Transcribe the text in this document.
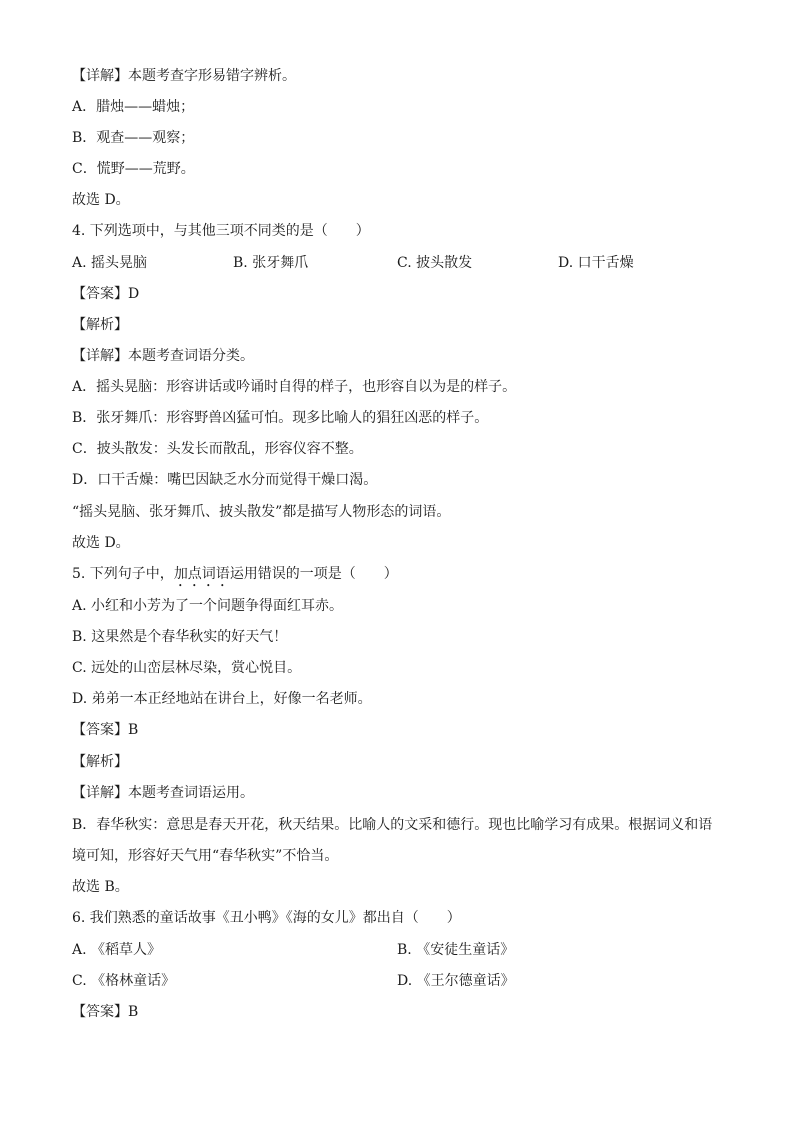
【详解】本题考查字形易错字辨析。
A．腊烛——蜡烛；
B．观查——观察；
C．慌野——荒野。
故选 D。
4. 下列选项中，与其他三项不同类的是（　　）
A. 摇头晃脑	B. 张牙舞爪	C. 披头散发	D. 口干舌燥
【答案】D
【解析】
【详解】本题考查词语分类。
A．摇头晃脑：形容讲话或吟诵时自得的样子，也形容自以为是的样子。
B．张牙舞爪：形容野兽凶猛可怕。现多比喻人的猖狂凶恶的样子。
C．披头散发：头发长而散乱，形容仪容不整。
D．口干舌燥：嘴巴因缺乏水分而觉得干燥口渴。
“摇头晃脑、张牙舞爪、披头散发”都是描写人物形态的词语。
故选 D。
5. 下列句子中，加点词语运用错误的一项是（　　）
A. 小红和小芳为了一个问题争得面红耳赤。
B. 这果然是个春华秋实的好天气！
C. 远处的山峦层林尽染，赏心悦目。
D. 弟弟一本正经地站在讲台上，好像一名老师。
【答案】B
【解析】
【详解】本题考查词语运用。
B．春华秋实：意思是春天开花，秋天结果。比喻人的文采和德行。现也比喻学习有成果。根据词义和语
境可知，形容好天气用“春华秋实”不恰当。
故选 B。
6. 我们熟悉的童话故事《丑小鸭》《海的女儿》都出自（　　）
A. 《稻草人》	B. 《安徒生童话》
C. 《格林童话》	D. 《王尔德童话》
【答案】B
